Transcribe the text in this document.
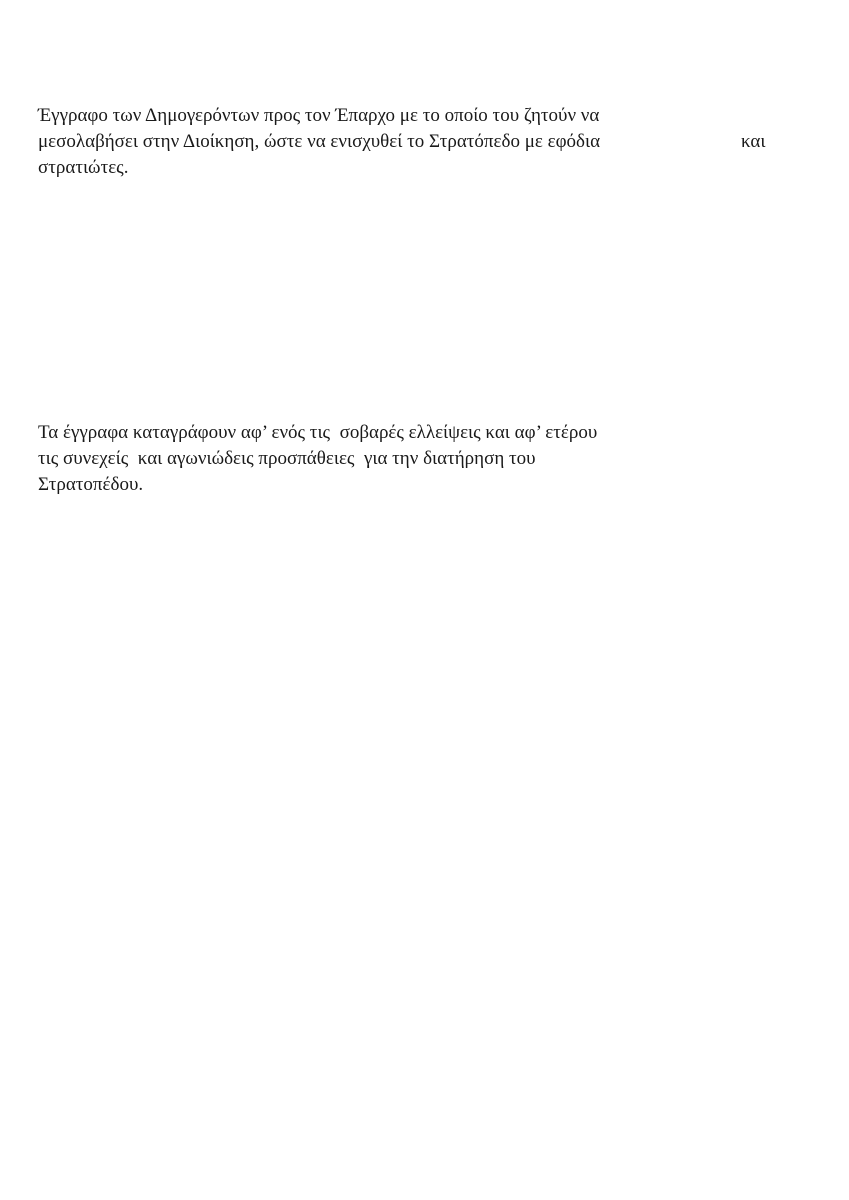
Έγγραφο των Δημογερόντων προς τον Έπαρχο με το οποίο του ζητούν να
μεσολαβήσει στην Διοίκηση, ώστε να ενισχυθεί το Στρατόπεδο με εφόδια	και
στρατιώτες.

Τα έγγραφα καταγράφουν αφ’ ενός τις  σοβαρές ελλείψεις και αφ’ ετέρου
τις συνεχείς  και αγωνιώδεις προσπάθειες  για την διατήρηση του
Στρατοπέδου.
